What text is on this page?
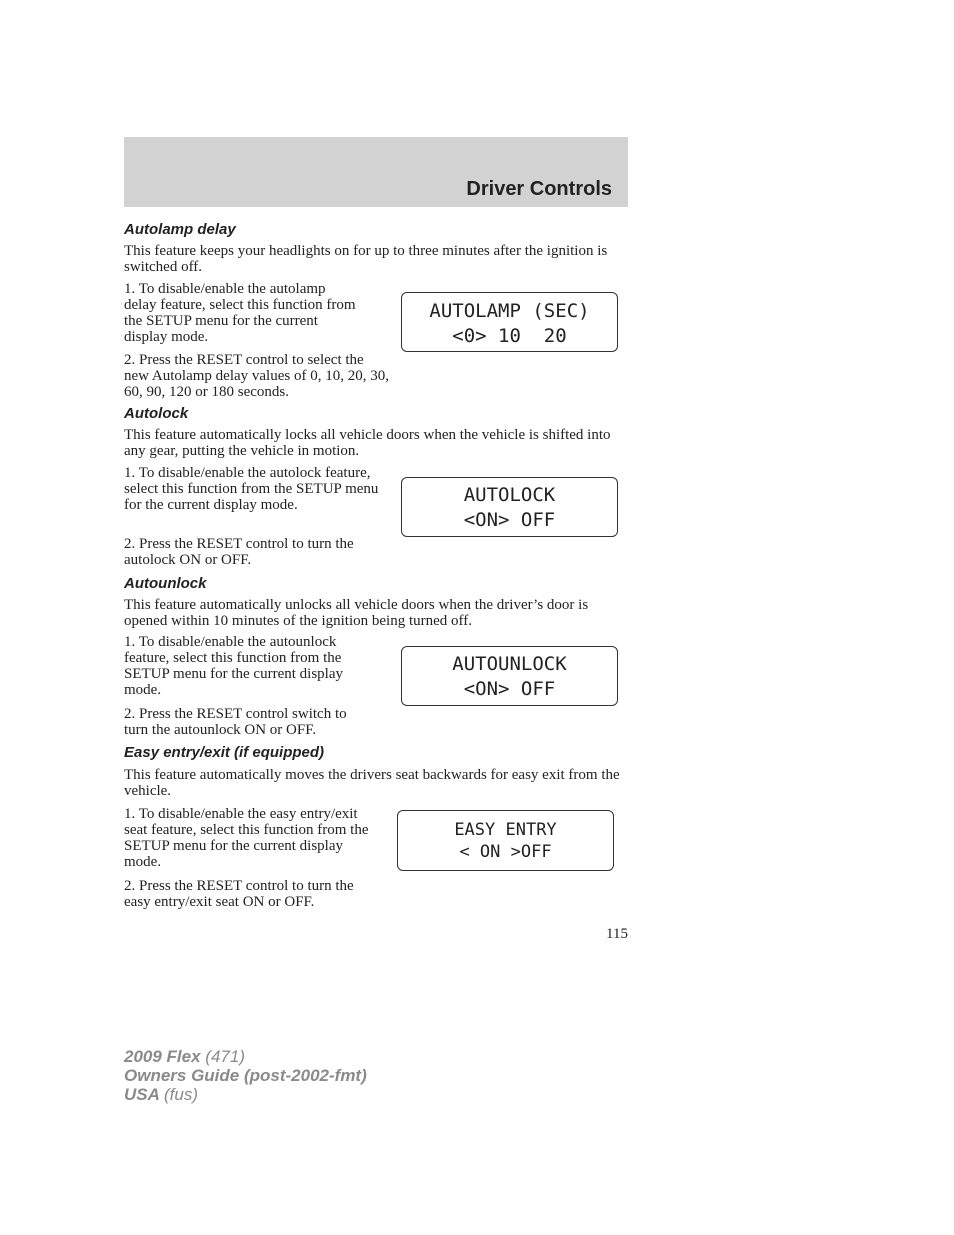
Driver Controls
Autolamp delay

This feature keeps your headlights on for up to three minutes after the ignition is switched off.

1. To disable/enable the autolamp delay feature, select this function from the SETUP menu for the current display mode.

2. Press the RESET control to select the new Autolamp delay values of 0, 10, 20, 30, 60, 90, 120 or 180 seconds.

AUTOLAMP (SEC)
<0> 10  20
Autolock

This feature automatically locks all vehicle doors when the vehicle is shifted into any gear, putting the vehicle in motion.

1. To disable/enable the autolock feature, select this function from the SETUP menu for the current display mode.

2. Press the RESET control to turn the autolock ON or OFF.

AUTOLOCK
<ON> OFF
Autounlock

This feature automatically unlocks all vehicle doors when the driver’s door is opened within 10 minutes of the ignition being turned off.

1. To disable/enable the autounlock feature, select this function from the SETUP menu for the current display mode.

2. Press the RESET control switch to turn the autounlock ON or OFF.

AUTOUNLOCK
<ON> OFF
Easy entry/exit (if equipped)

This feature automatically moves the drivers seat backwards for easy exit from the vehicle.

1. To disable/enable the easy entry/exit seat feature, select this function from the SETUP menu for the current display mode.

2. Press the RESET control to turn the easy entry/exit seat ON or OFF.

EASY ENTRY
< ON >OFF
115
2009 Flex (471)
Owners Guide (post-2002-fmt)
USA (fus)
